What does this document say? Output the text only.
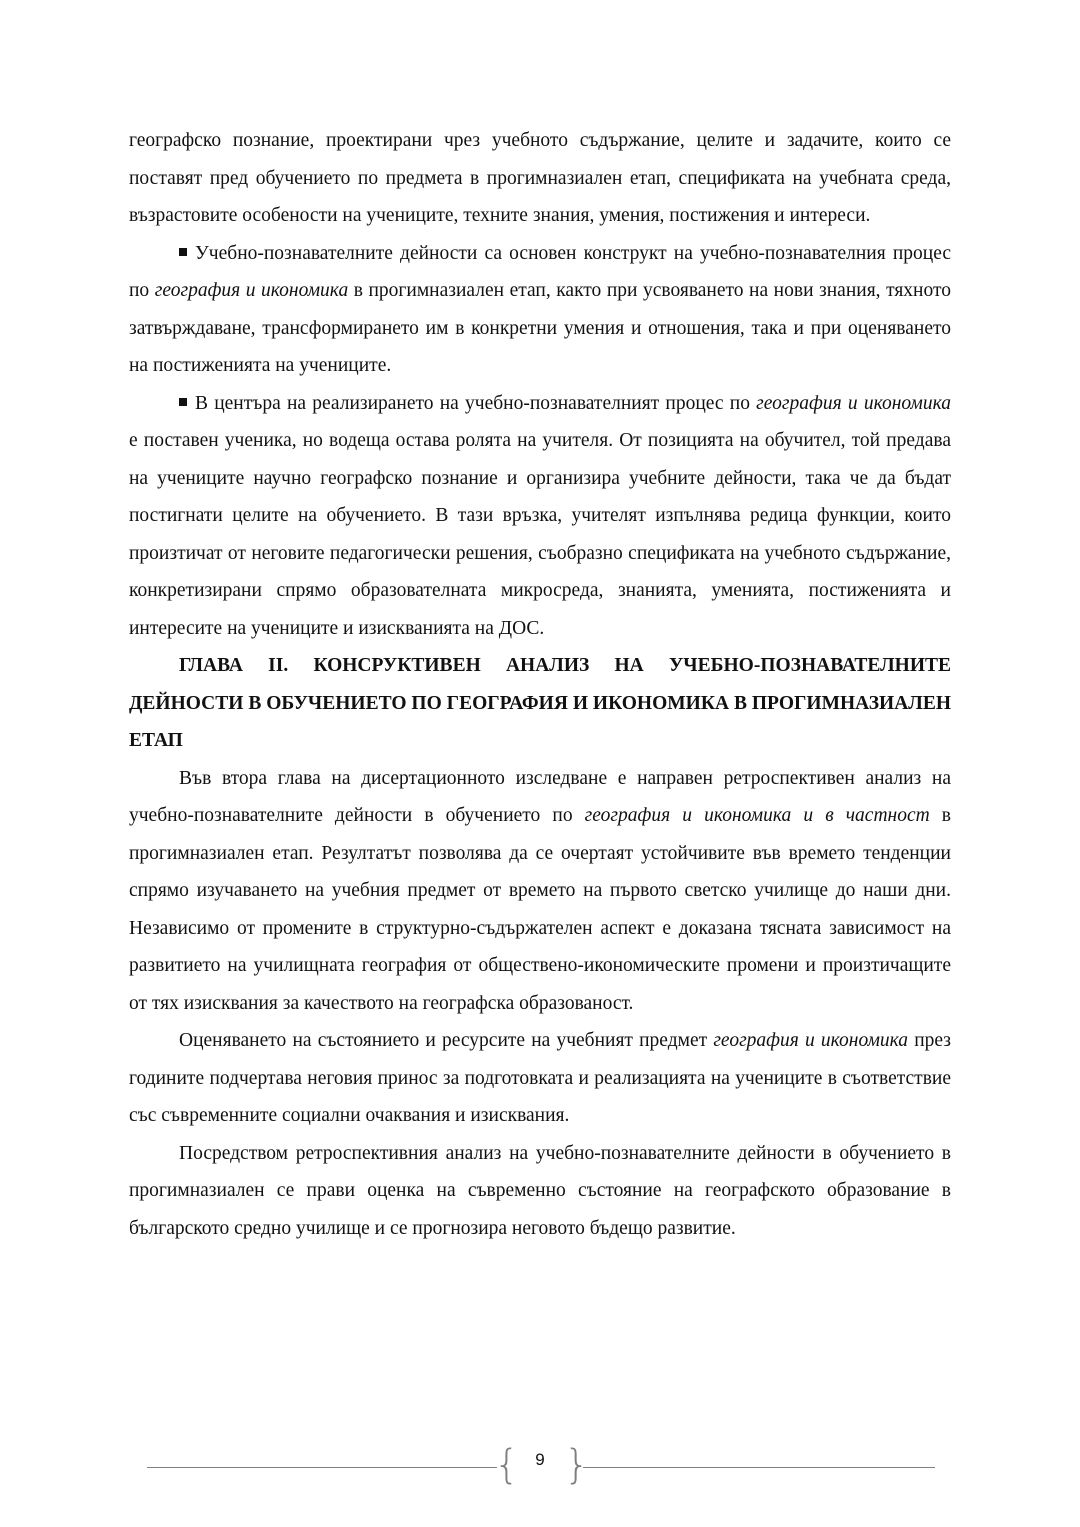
географско познание, проектирани чрез учебното съдържание, целите и задачите, които се поставят пред обучението по предмета в прогимназиален етап, спецификата на учебната среда, възрастовите особености на учениците, техните знания, умения, постижения и интереси.

Учебно-познавателните дейности са основен конструкт на учебно-познавателния процес по география и икономика в прогимназиален етап, както при усвояването на нови знания, тяхното затвърждаване, трансформирането им в конкретни умения и отношения, така и при оценяването на постиженията на учениците.

В центъра на реализирането на учебно-познавателният процес по география и икономика е поставен ученика, но водеща остава ролята на учителя. От позицията на обучител, той предава на учениците научно географско познание и организира учебните дейности, така че да бъдат постигнати целите на обучението. В тази връзка, учителят изпълнява редица функции, които произтичат от неговите педагогически решения, съобразно спецификата на учебното съдържание, конкретизирани спрямо образователната микросреда, знанията, уменията, постиженията и интересите на учениците и изискванията на ДОС.

ГЛАВА II. КОНСРУКТИВЕН АНАЛИЗ НА УЧЕБНО-ПОЗНАВАТЕЛНИТЕ ДЕЙНОСТИ В ОБУЧЕНИЕТО ПО ГЕОГРАФИЯ И ИКОНОМИКА В ПРОГИМНАЗИАЛЕН ЕТАП

Във втора глава на дисертационното изследване е направен ретроспективен анализ на учебно-познавателните дейности в обучението по география и икономика и в частност в прогимназиален етап. Резултатът позволява да се очертаят устойчивите във времето тенденции спрямо изучаването на учебния предмет от времето на първото светско училище до наши дни. Независимо от промените в структурно-съдържателен аспект е доказана тясната зависимост на развитието на училищната география от обществено-икономическите промени и произтичащите от тях изисквания за качеството на географска образованост.

Оценяването на състоянието и ресурсите на учебният предмет география и икономика през годините подчертава неговия принос за подготовката и реализацията на учениците в съответствие със съвременните социални очаквания и изисквания.

Посредством ретроспективния анализ на учебно-познавателните дейности в обучението в прогимназиален се прави оценка на съвременно състояние на географското образование в българското средно училище и се прогнозира неговото бъдещо развитие.

{ 9 }
